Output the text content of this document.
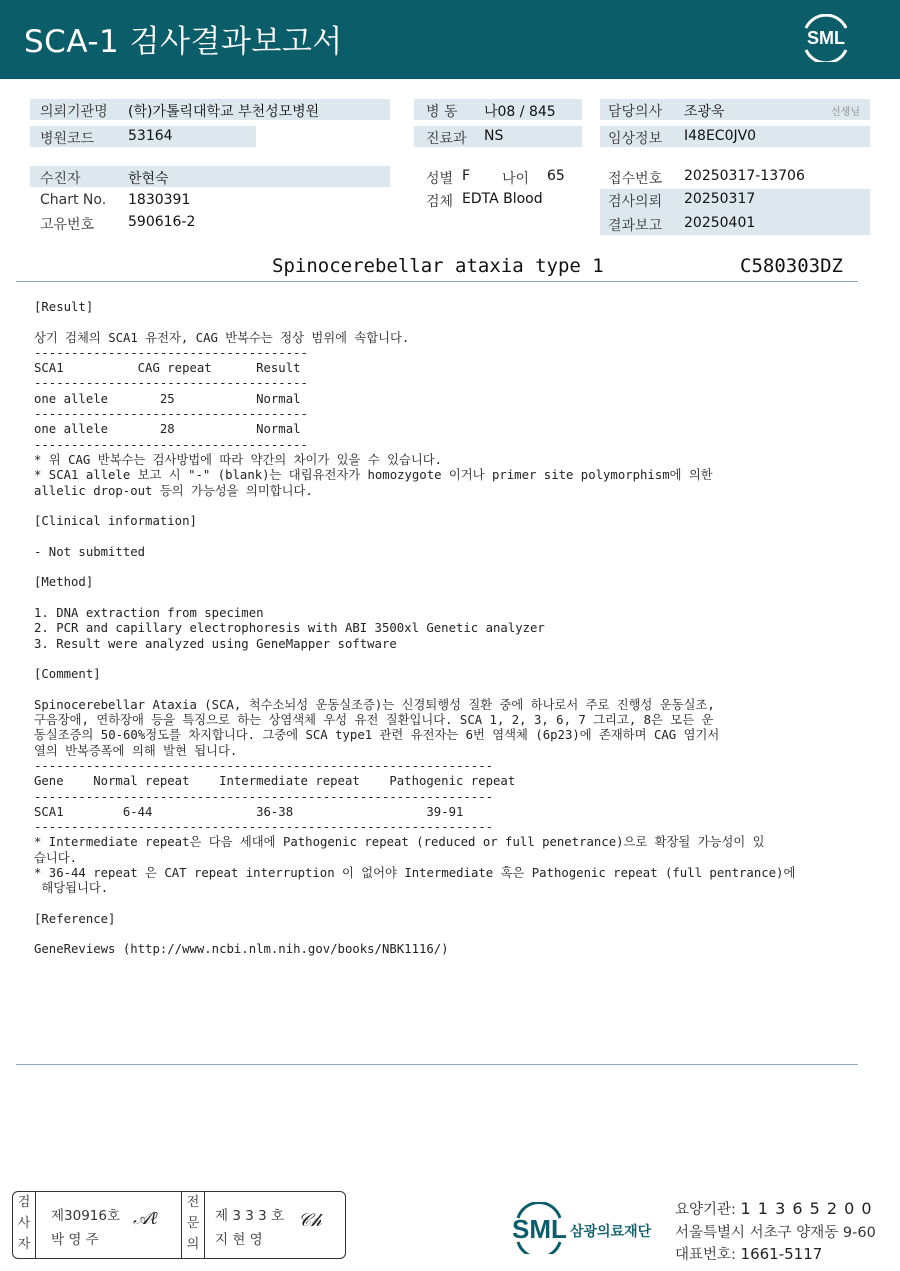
SCA-1 검사결과보고서	SML
의뢰기관명 (학)가톨릭대학교 부천성모병원
병원코드 53164
병 동 나08 / 845
진료과 NS
담당의사 조광욱	선생님
임상정보 I48EC0JV0
수진자	한현숙
Chart No. 1830391
고유번호 590616-2
성별 F 나이 65
검체 EDTA Blood
접수번호 20250317-13706
검사의뢰 20250317
결과보고 20250401
Spinocerebellar ataxia type 1	C580303DZ
[Result]
상기 검체의 SCA1 유전자, CAG 반복수는 정상 범위에 속합니다.
-------------------------------------
SCA1          CAG repeat      Result
-------------------------------------
one allele       25           Normal
-------------------------------------
one allele       28           Normal
-------------------------------------
* 위 CAG 반복수는 검사방법에 따라 약간의 차이가 있을 수 있습니다.
* SCA1 allele 보고 시 "-" (blank)는 대립유전자가 homozygote 이거나 primer site polymorphism에 의한
allelic drop-out 등의 가능성을 의미합니다.
[Clinical information]
- Not submitted
[Method]
1. DNA extraction from specimen
2. PCR and capillary electrophoresis with ABI 3500xl Genetic analyzer
3. Result were analyzed using GeneMapper software
[Comment]
Spinocerebellar Ataxia (SCA, 척수소뇌성 운동실조증)는 신경퇴행성 질환 중에 하나로서 주로 진행성 운동실조,
구음장애, 연하장애 등을 특징으로 하는 상염색체 우성 유전 질환입니다. SCA 1, 2, 3, 6, 7 그리고, 8은 모든 운
동실조증의 50-60%정도를 차지합니다. 그중에 SCA type1 관련 유전자는 6번 염색체 (6p23)에 존재하며 CAG 염기서
열의 반복증폭에 의해 발현 됩니다.
--------------------------------------------------------------
Gene    Normal repeat    Intermediate repeat    Pathogenic repeat
--------------------------------------------------------------
SCA1        6-44              36-38                  39-91
--------------------------------------------------------------
* Intermediate repeat은 다음 세대에 Pathogenic repeat (reduced or full penetrance)으로 확장될 가능성이 있
습니다.
* 36-44 repeat 은 CAT repeat interruption 이 없어야 Intermediate 혹은 Pathogenic repeat (full pentrance)에
해당됩니다.
[Reference]
GeneReviews (http://www.ncbi.nlm.nih.gov/books/NBK1116/)
검
사
자
제30916호
박 영 주
𝒜ℓ
전
문
의
제 3 3 3 호
지 현 영
𝒞𝒽	SML 삼광의료재단
요양기관: 1 1 3 6 5 2 0 0
서울특별시 서초구 양재동 9-60
대표번호: 1661-5117
